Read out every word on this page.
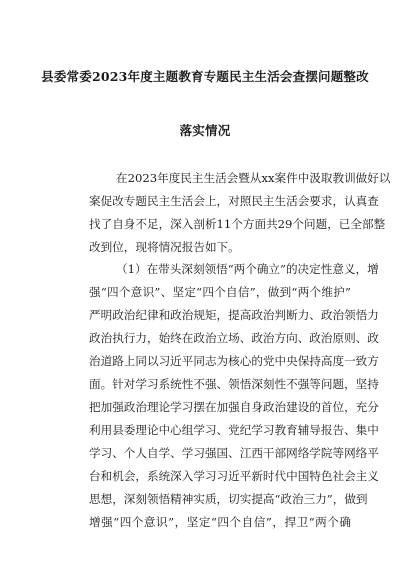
县委常委2023年度主题教育专题民主生活会查摆问题整改
落实情况
在2023年度民主生活会暨从xx案件中汲取教训做好以
案促改专题民主生活会上，对照民主生活会要求，认真查
找了自身不足，深入剖析11个方面共29个问题，已全部整
改到位，现将情况报告如下。
（1）在带头深刻领悟“两个确立”的决定性意义，增
强“四个意识”、坚定“四个自信”，做到“两个维护”
严明政治纪律和政治规矩，提高政治判断力、政治领悟力
政治执行力，始终在政治立场、政治方向、政治原则、政
治道路上同以习近平同志为核心的党中央保持高度一致方
面。针对学习系统性不强、领悟深刻性不强等问题，坚持
把加强政治理论学习摆在加强自身政治建设的首位，充分
利用县委理论中心组学习、党纪学习教育辅导报告、集中
学习、个人自学、学习强国、江西干部网络学院等网络平
台和机会，系统深入学习习近平新时代中国特色社会主义
思想，深刻领悟精神实质，切实提高“政治三力”，做到
增强“四个意识”，坚定“四个自信”，捍卫“两个确
